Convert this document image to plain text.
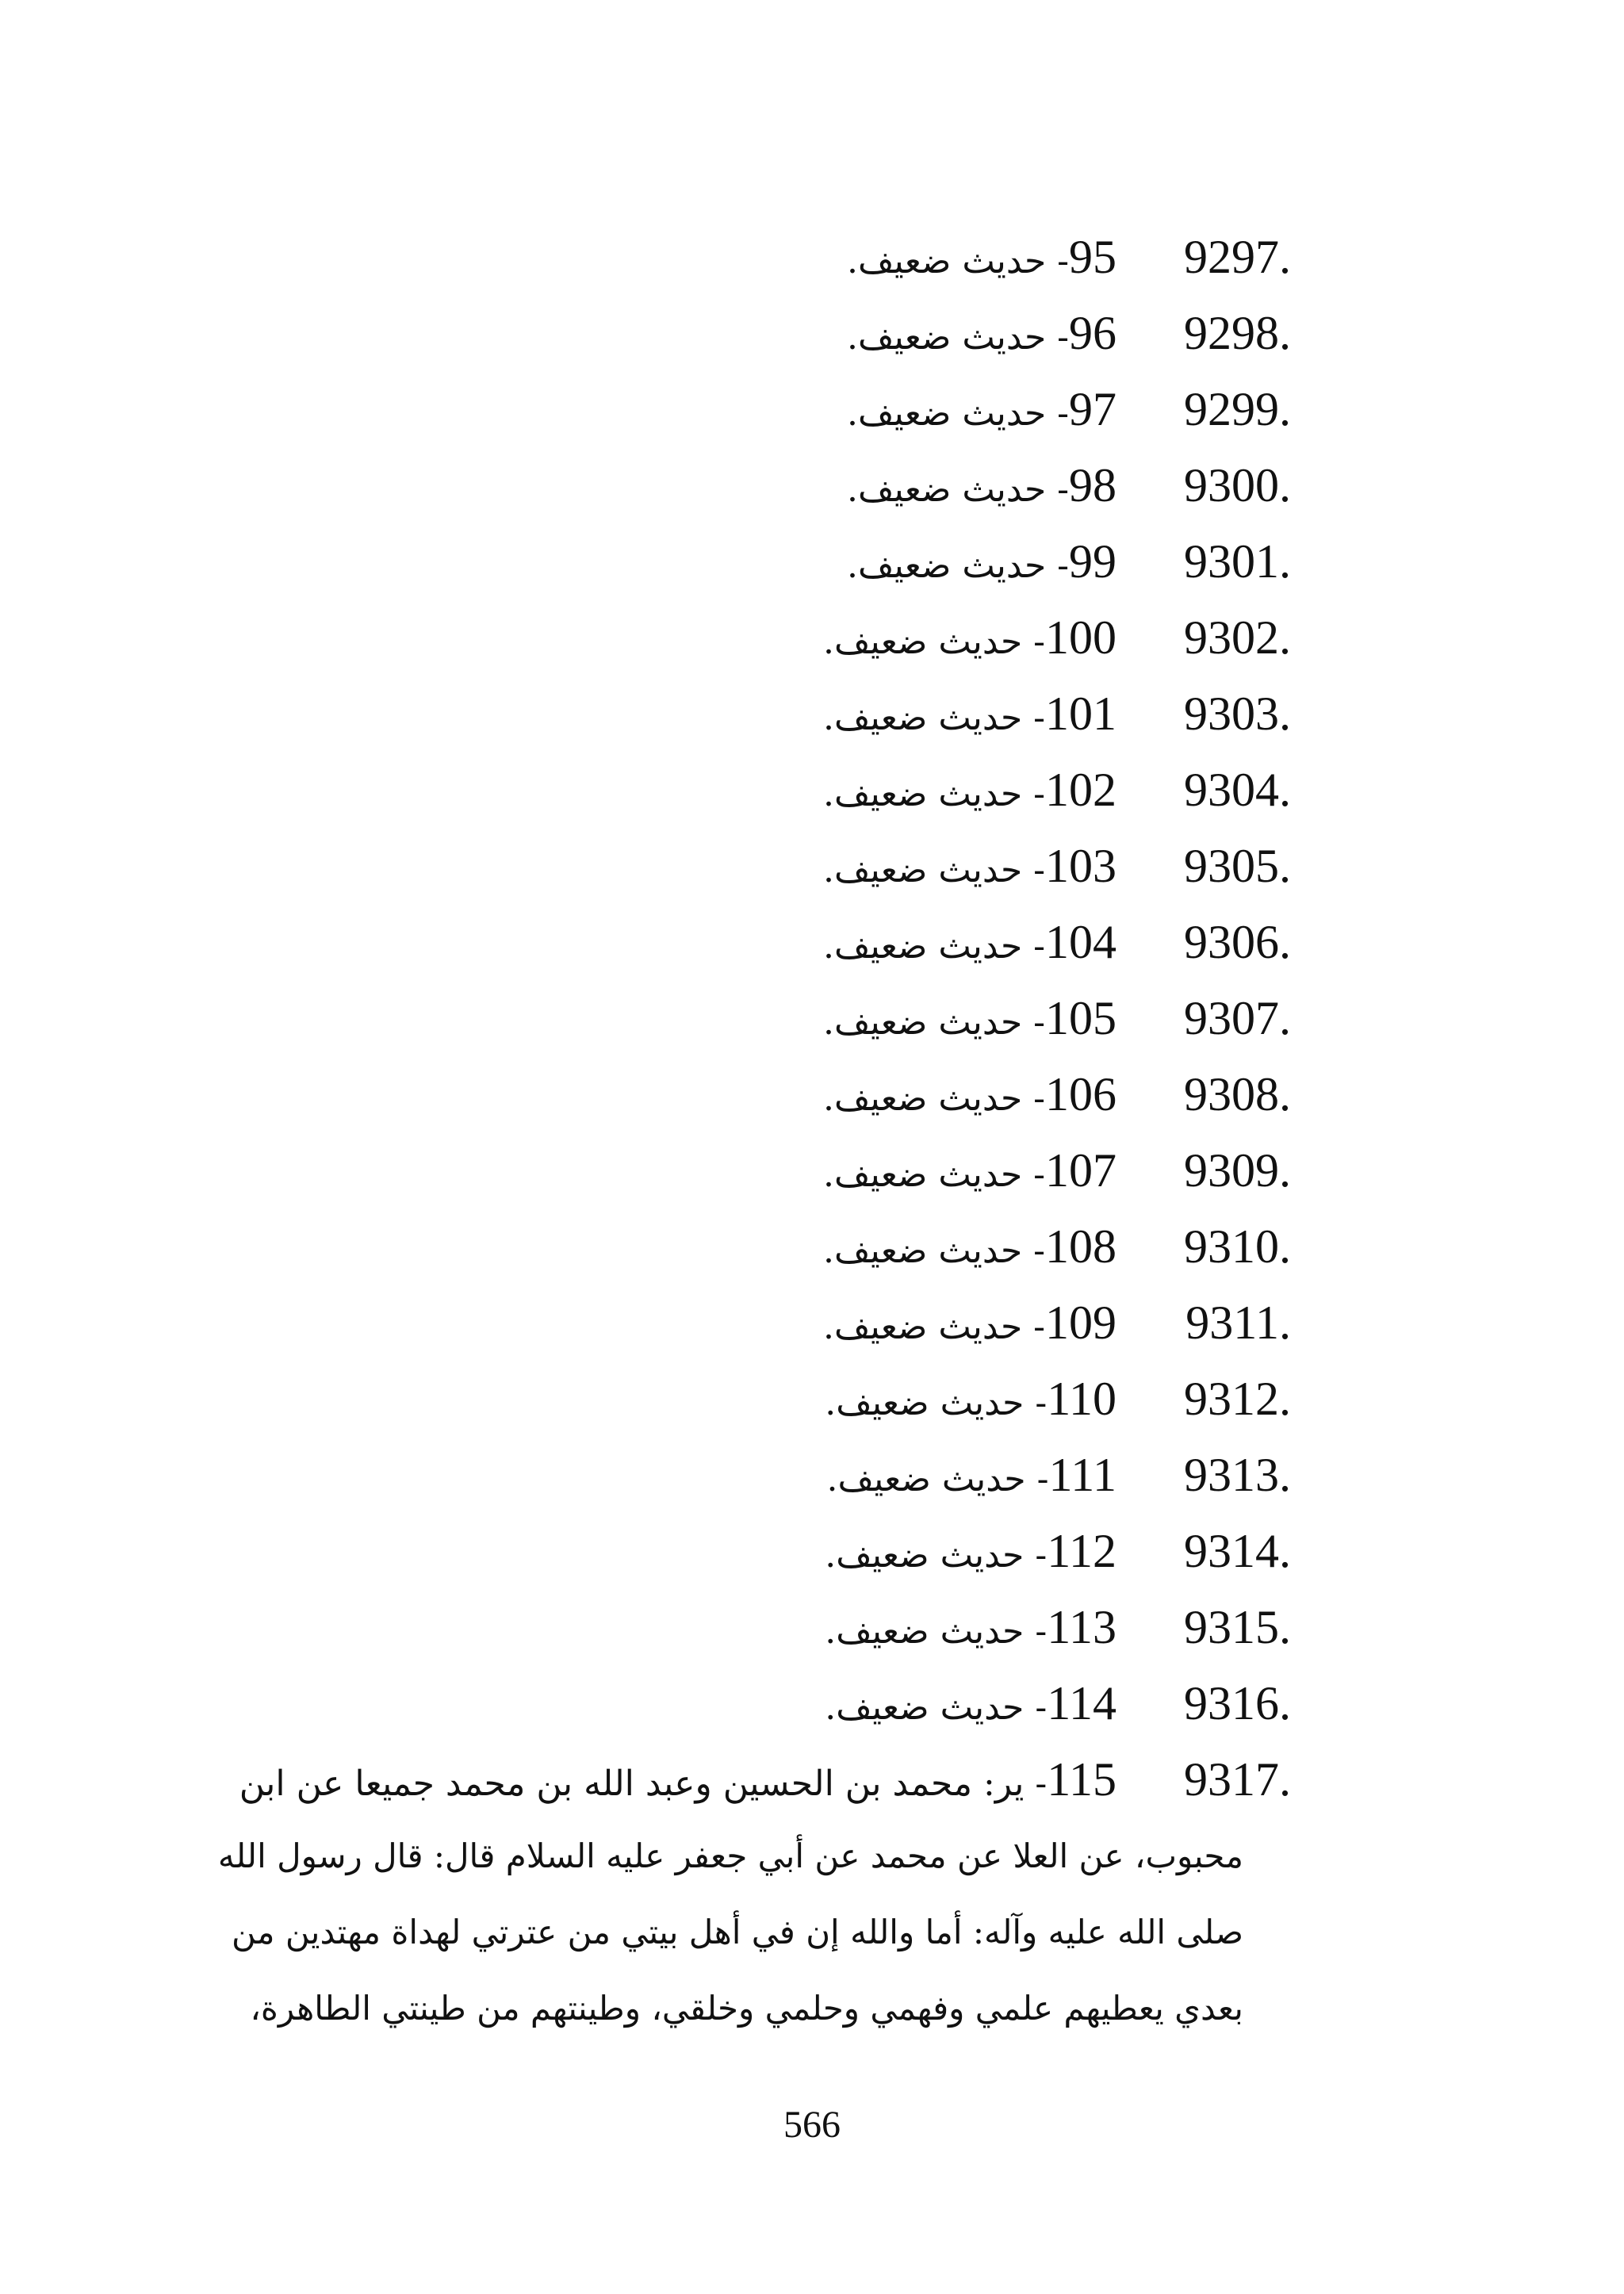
9297.
95- حديث ضعيف.
9298.
96- حديث ضعيف.
9299.
97- حديث ضعيف.
9300.
98- حديث ضعيف.
9301.
99- حديث ضعيف.
9302.
100- حديث ضعيف.
9303.
101- حديث ضعيف.
9304.
102- حديث ضعيف.
9305.
103- حديث ضعيف.
9306.
104- حديث ضعيف.
9307.
105- حديث ضعيف.
9308.
106- حديث ضعيف.
9309.
107- حديث ضعيف.
9310.
108- حديث ضعيف.
9311.
109- حديث ضعيف.
9312.
110- حديث ضعيف.
9313.
111- حديث ضعيف.
9314.
112- حديث ضعيف.
9315.
113- حديث ضعيف.
9316.
114- حديث ضعيف.
9317.
115- ير: محمد بن الحسين وعبد الله بن محمد جميعا عن ابن
محبوب، عن العلا عن محمد عن أبي جعفر عليه السلام قال: قال رسول الله
صلى الله عليه وآله: أما والله إن في أهل بيتي من عترتي لهداة مهتدين من
بعدي يعطيهم علمي وفهمي وحلمي وخلقي، وطينتهم من طينتي الطاهرة،
566
